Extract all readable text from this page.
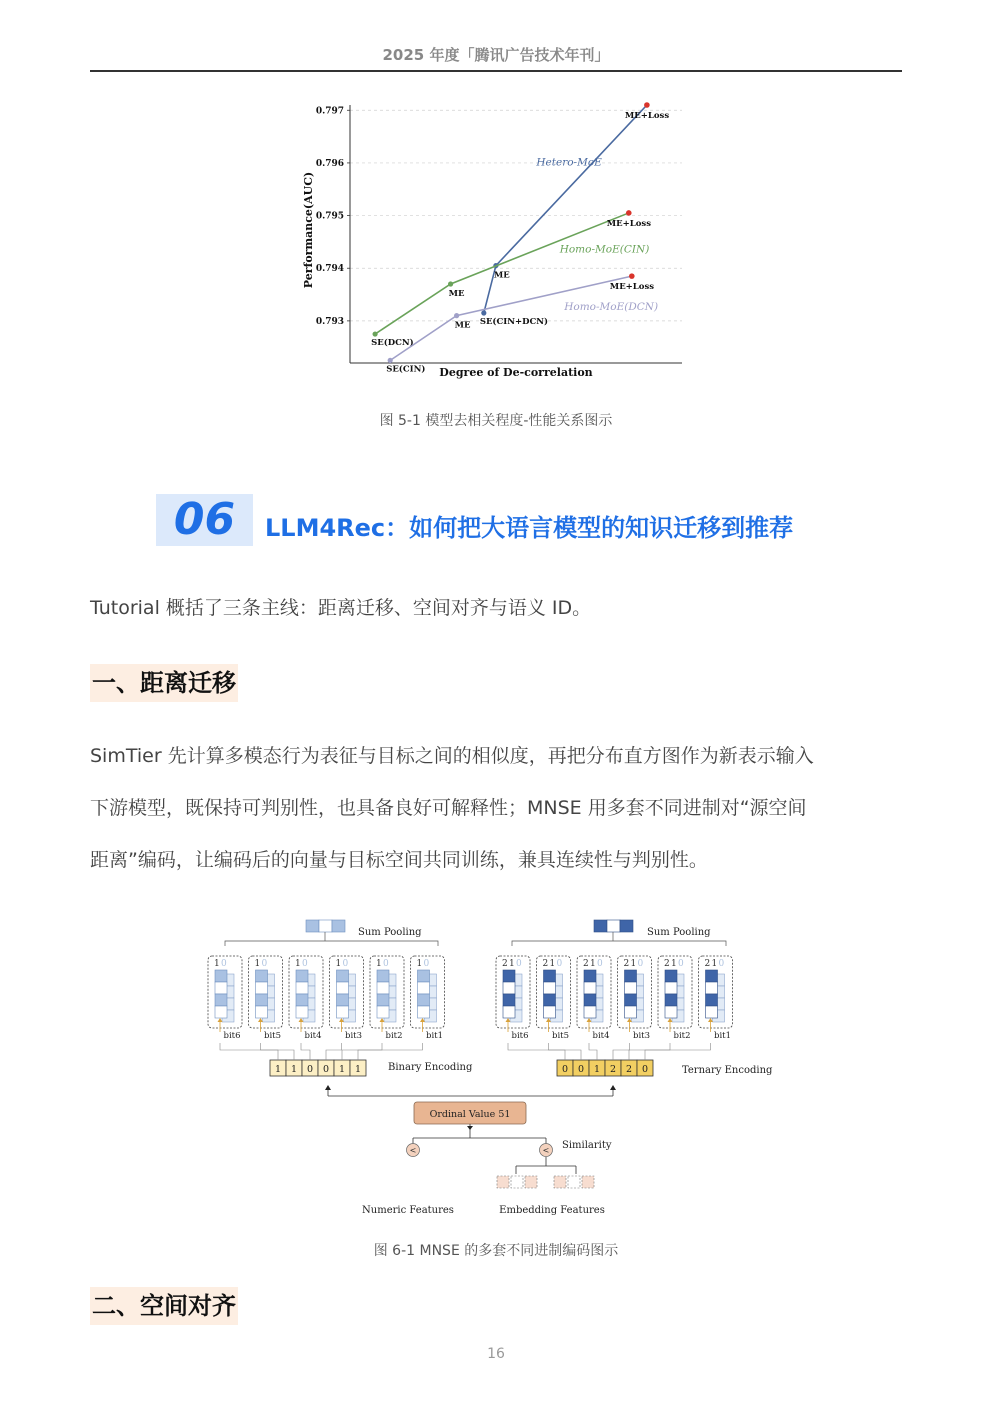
2025 年度「腾讯广告技术年刊」
0.793
0.794
0.795
0.796
0.797
SE(CIN+DCN)
ME
ME+Loss
Hetero-MoE
SE(DCN)
ME
ME+Loss
Homo-MoE(CIN)
SE(CIN)
ME
ME+Loss
Homo-MoE(DCN)
Degree of De-correlation
Performance(AUC)
图 5-1 模型去相关程度-性能关系图示
06	LLM4Rec：如何把大语言模型的知识迁移到推荐
Tutorial 概括了三条主线：距离迁移、空间对齐与语义 ID。
一、距离迁移
SimTier 先计算多模态行为表征与目标之间的相似度，再把分布直方图作为新表示输入
下游模型，既保持可判别性，也具备良好可解释性；MNSE 用多套不同进制对“源空间
距离”编码，让编码后的向量与目标空间共同训练，兼具连续性与判别性。
Sum Pooling
1 0	1 0	1 0	1 0	1 0	1 0
bit6	bit5	bit4	bit3	bit2	bit1
1 1 0 0 1 1	Binary Encoding
Sum Pooling
2 1 0 2 1 0 2 1 0 2 1 0 2 1 0 2 1 0
bit6	bit5	bit4	bit3	bit2	bit1
0 0 1 2 2 0	Ternary Encoding
Ordinal Value 51
<	< Similarity
Numeric Features	Embedding Features
图 6-1 MNSE 的多套不同进制编码图示
二、空间对齐
16
